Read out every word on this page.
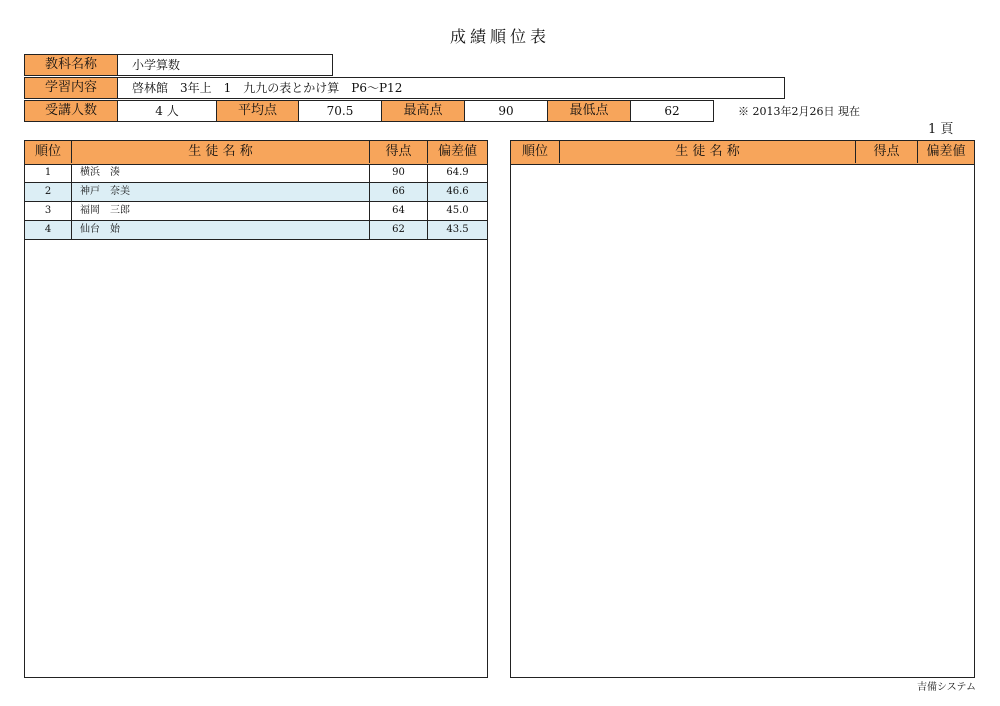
成績順位表
教科名称	小学算数
学習内容	啓林館　3年上　1　九九の表とかけ算　P6～P12
受講人数	4 人	平均点	70.5	最高点	90	最低点	62	※ 2013年2月26日 現在
1 頁
順位	生 徒 名 称	得点	偏差値
1	横浜　湊	90	64.9
2	神戸　奈美	66	46.6
3	福岡　三郎	64	45.0
4	仙台　始	62	43.5
順位	生 徒 名 称	得点	偏差値
吉備システム
